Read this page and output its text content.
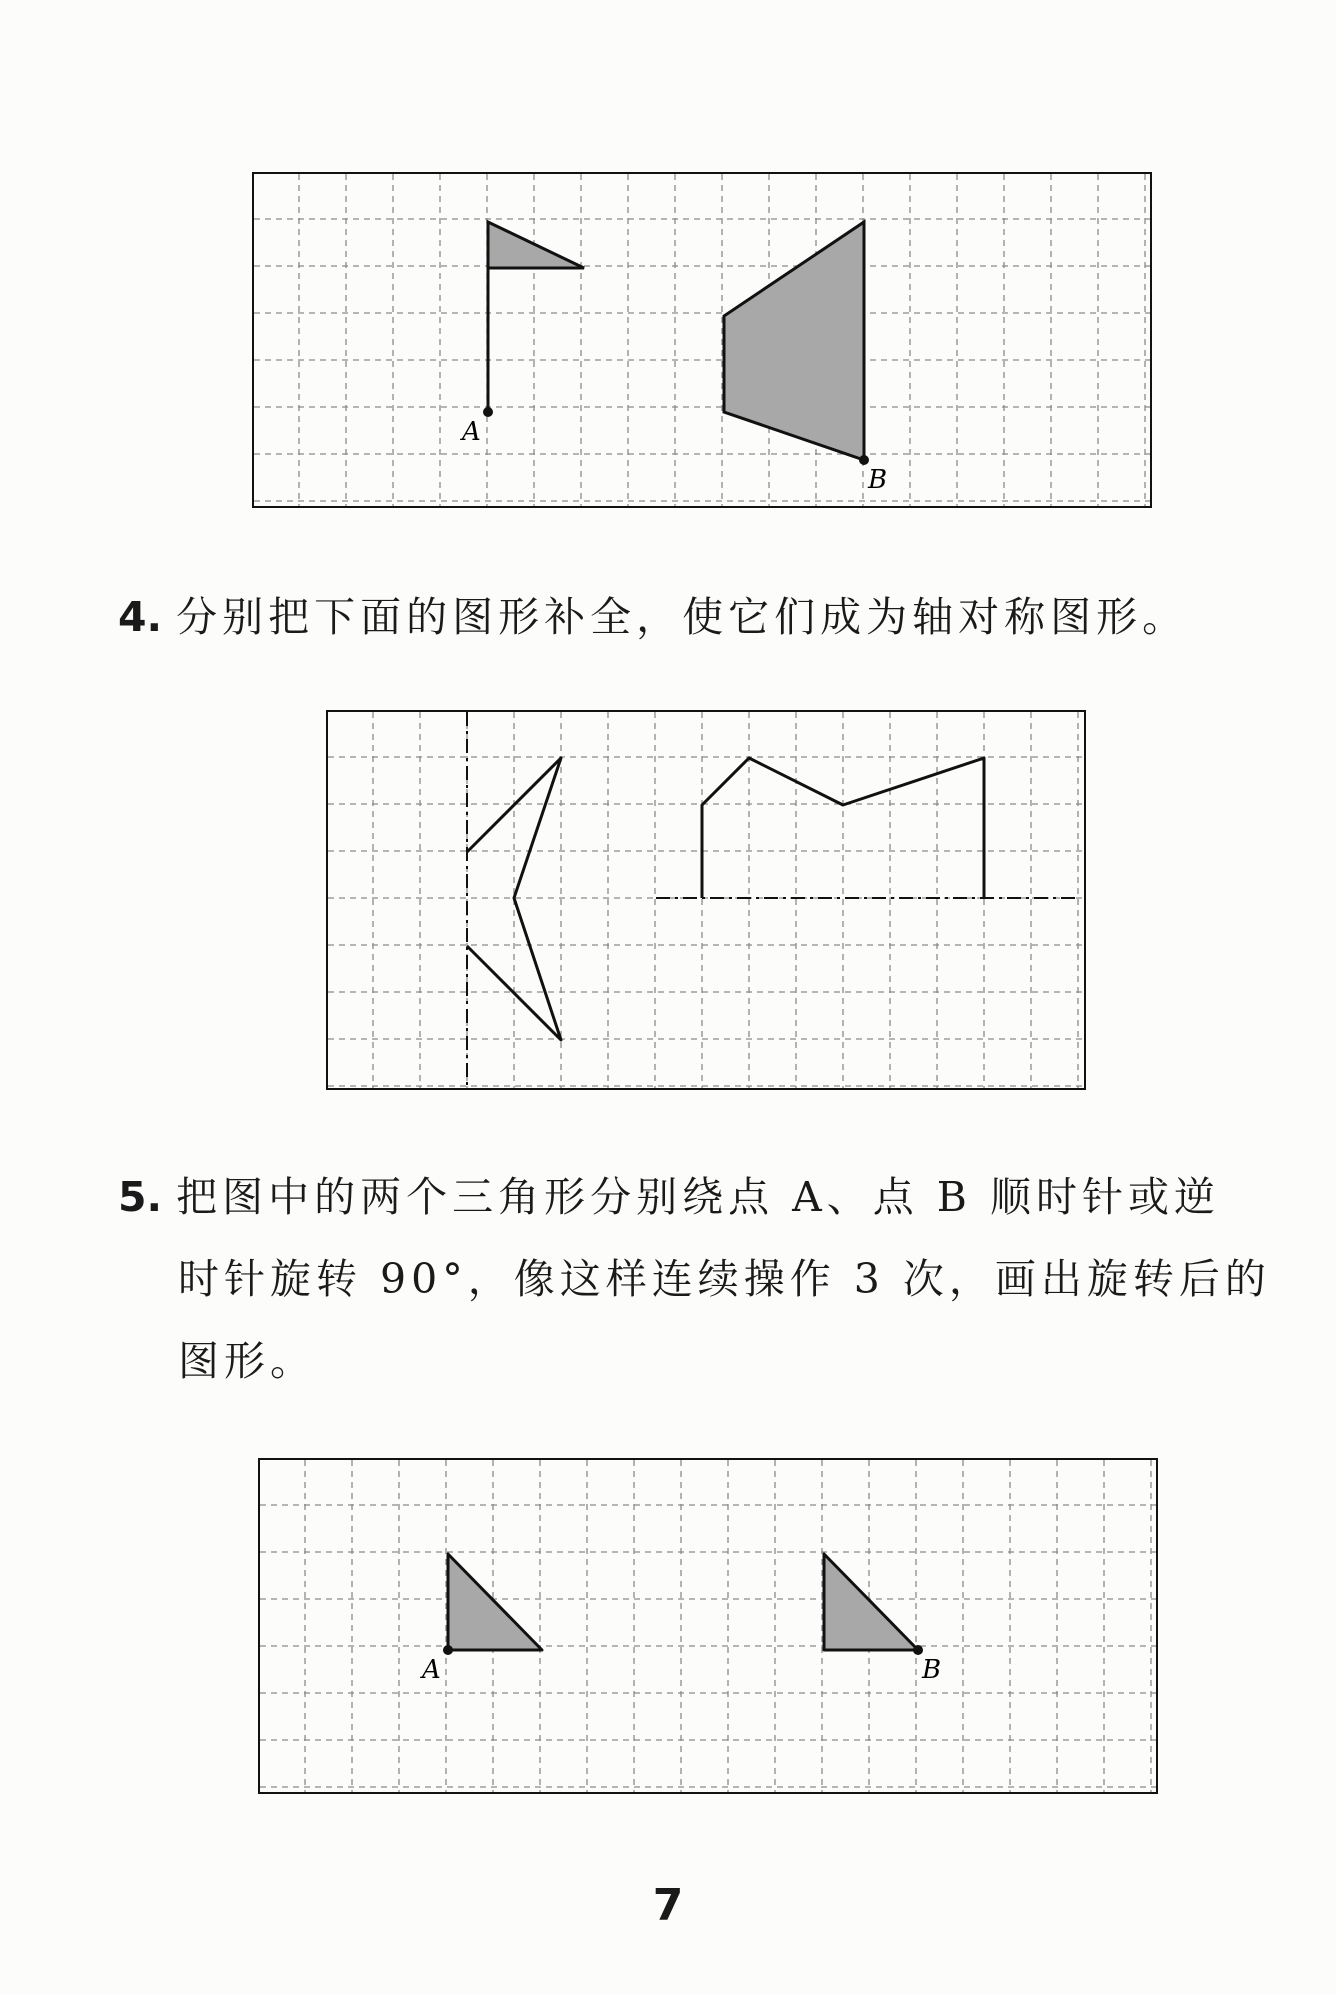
A
B
4. 分别把下面的图形补全，使它们成为轴对称图形。
5. 把图中的两个三角形分别绕点 A、点 B 顺时针或逆
时针旋转 90°，像这样连续操作 3 次，画出旋转后的
图形。
A	B
7
